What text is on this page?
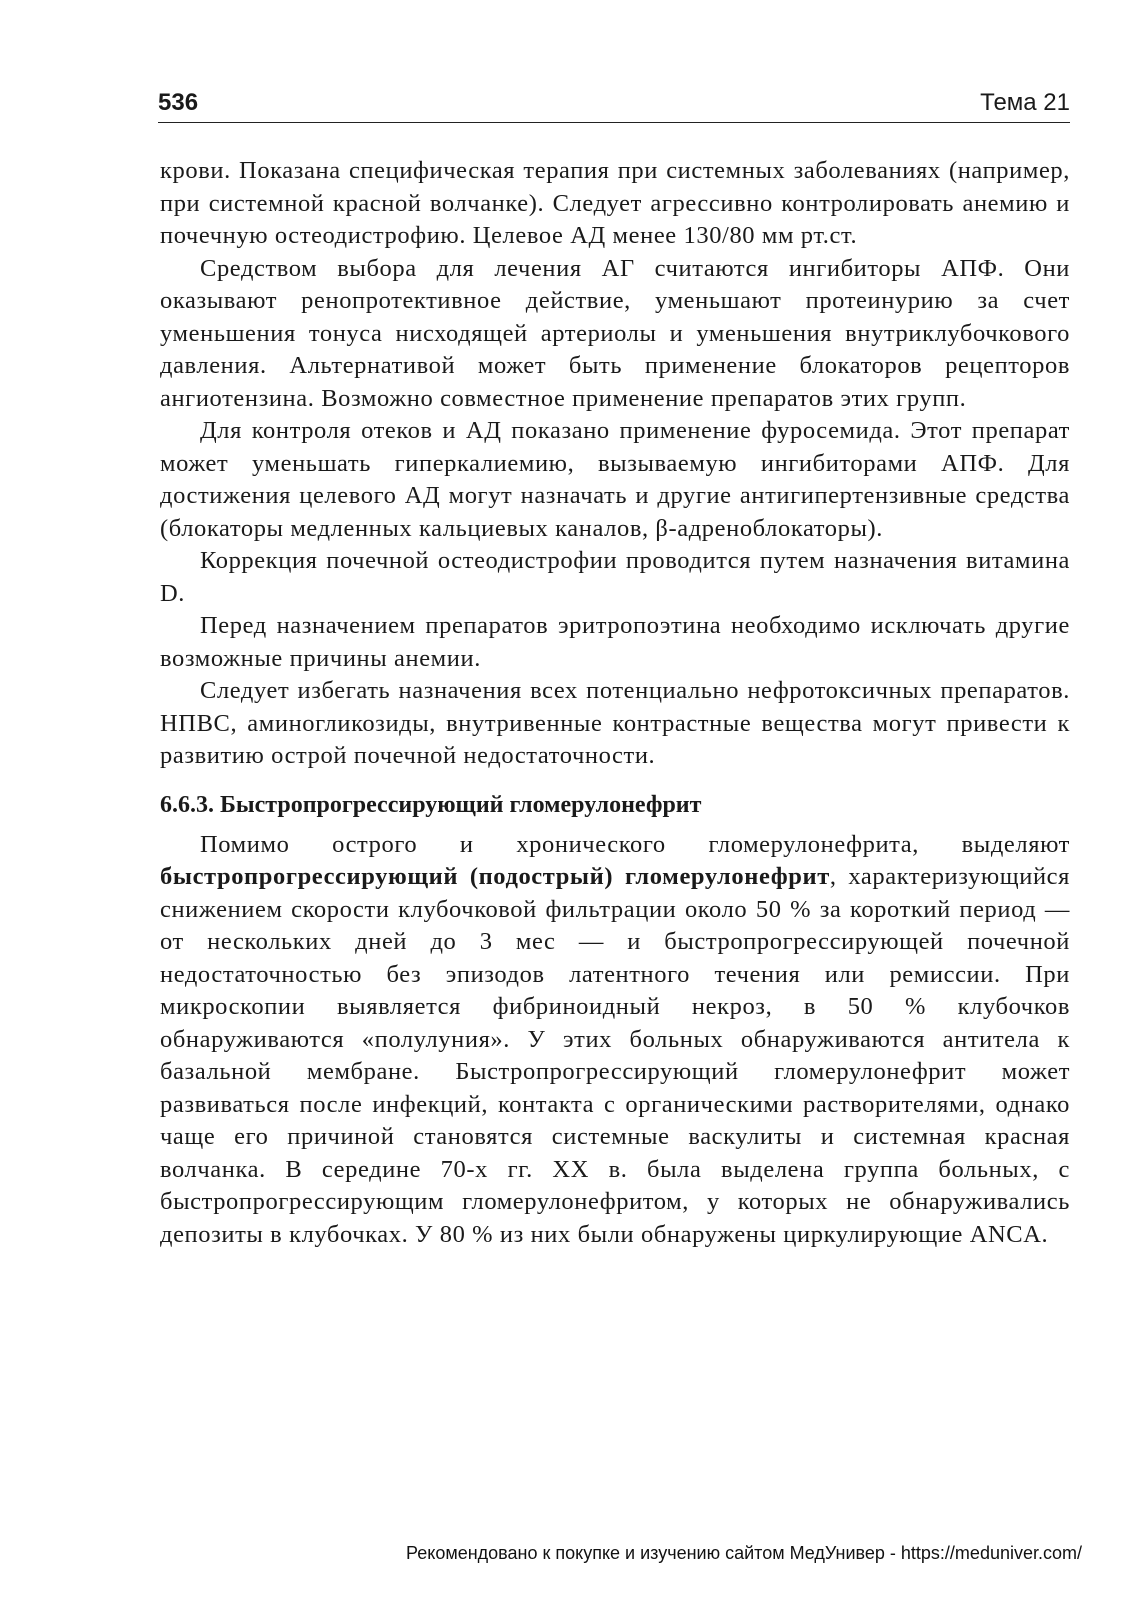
536	Тема 21

крови. Показана специфическая терапия при системных заболеваниях (например, при системной красной волчанке). Следует агрессивно контролировать анемию и почечную остеодистрофию. Целевое АД менее 130/80 мм рт.ст.

Средством выбора для лечения АГ считаются ингибиторы АПФ. Они оказывают ренопротективное действие, уменьшают протеинурию за счет уменьшения тонуса нисходящей артериолы и уменьшения внутриклубочкового давления. Альтернативой может быть применение блокаторов рецепторов ангиотензина. Возможно совместное применение препаратов этих групп.

Для контроля отеков и АД показано применение фуросемида. Этот препарат может уменьшать гиперкалиемию, вызываемую ингибиторами АПФ. Для достижения целевого АД могут назначать и другие антигипертензивные средства (блокаторы медленных кальциевых каналов, β-адреноблокаторы).

Коррекция почечной остеодистрофии проводится путем назначения витамина D.

Перед назначением препаратов эритропоэтина необходимо исключать другие возможные причины анемии.

Следует избегать назначения всех потенциально нефротоксичных препаратов. НПВС, аминогликозиды, внутривенные контрастные вещества могут привести к развитию острой почечной недостаточности.

6.6.3. Быстропрогрессирующий гломерулонефрит

Помимо острого и хронического гломерулонефрита, выделяют быстропрогрессирующий (подострый) гломерулонефрит, характеризующийся снижением скорости клубочковой фильтрации около 50 % за короткий период — от нескольких дней до 3 мес — и быстропрогрессирующей почечной недостаточностью без эпизодов латентного течения или ремиссии. При микроскопии выявляется фибриноидный некроз, в 50 % клубочков обнаруживаются «полулуния». У этих больных обнаруживаются антитела к базальной мембране. Быстропрогрессирующий гломерулонефрит может развиваться после инфекций, контакта с органическими растворителями, однако чаще его причиной становятся системные васкулиты и системная красная волчанка. В середине 70-х гг. XX в. была выделена группа больных, с быстропрогрессирующим гломерулонефритом, у которых не обнаруживались депозиты в клубочках. У 80 % из них были обнаружены циркулирующие ANCA.

Рекомендовано к покупке и изучению сайтом МедУнивер - https://meduniver.com/
